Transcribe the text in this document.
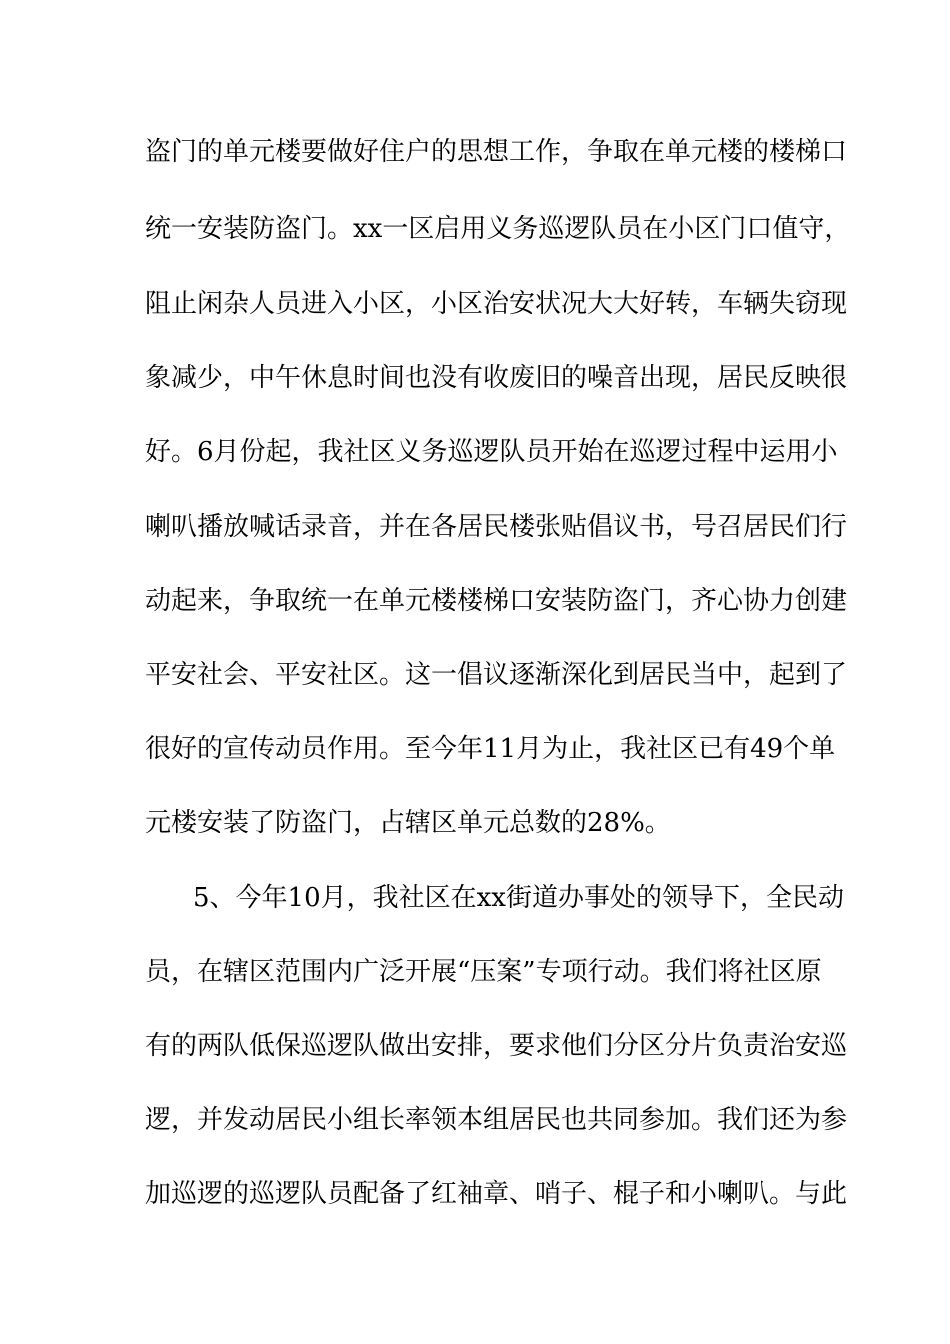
盗门的单元楼要做好住户的思想工作，争取在单元楼的楼梯口

统一安装防盗门。xx一区启用义务巡逻队员在小区门口值守，

阻止闲杂人员进入小区，小区治安状况大大好转，车辆失窃现

象减少，中午休息时间也没有收废旧的噪音出现，居民反映很

好。6月份起，我社区义务巡逻队员开始在巡逻过程中运用小

喇叭播放喊话录音，并在各居民楼张贴倡议书，号召居民们行

动起来，争取统一在单元楼楼梯口安装防盗门，齐心协力创建

平安社会、平安社区。这一倡议逐渐深化到居民当中，起到了

很好的宣传动员作用。至今年11月为止，我社区已有49个单

元楼安装了防盗门，占辖区单元总数的28%。

5、今年10月，我社区在xx街道办事处的领导下，全民动

员，在辖区范围内广泛开展“压案”专项行动。我们将社区原

有的两队低保巡逻队做出安排，要求他们分区分片负责治安巡

逻，并发动居民小组长率领本组居民也共同参加。我们还为参

加巡逻的巡逻队员配备了红袖章、哨子、棍子和小喇叭。与此
